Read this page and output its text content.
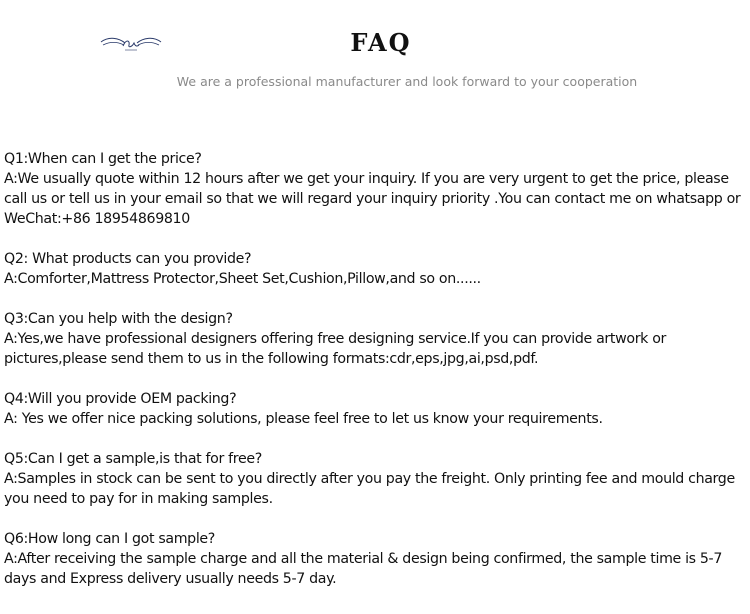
FAQ
We are a professional manufacturer and look forward to your cooperation
Q1:When can I get the price?
A:We usually quote within 12 hours after we get your inquiry. If you are very urgent to get the price, please call us or tell us in your email so that we will regard your inquiry priority .You can contact me on whatsapp or WeChat:+86 18954869810
Q2: What products can you provide?
A:Comforter,Mattress Protector,Sheet Set,Cushion,Pillow,and so on......
Q3:Can you help with the design?
A:Yes,we have professional designers offering free designing service.If you can provide artwork or pictures,please send them to us in the following formats:cdr,eps,jpg,ai,psd,pdf.
Q4:Will you provide OEM packing?
A: Yes we offer nice packing solutions, please feel free to let us know your requirements.
Q5:Can I get a sample,is that for free?
A:Samples in stock can be sent to you directly after you pay the freight. Only printing fee and mould charge you need to pay for in making samples.
Q6:How long can I got sample?
A:After receiving the sample charge and all the material & design being confirmed, the sample time is 5-7 days and Express delivery usually needs 5-7 day.
